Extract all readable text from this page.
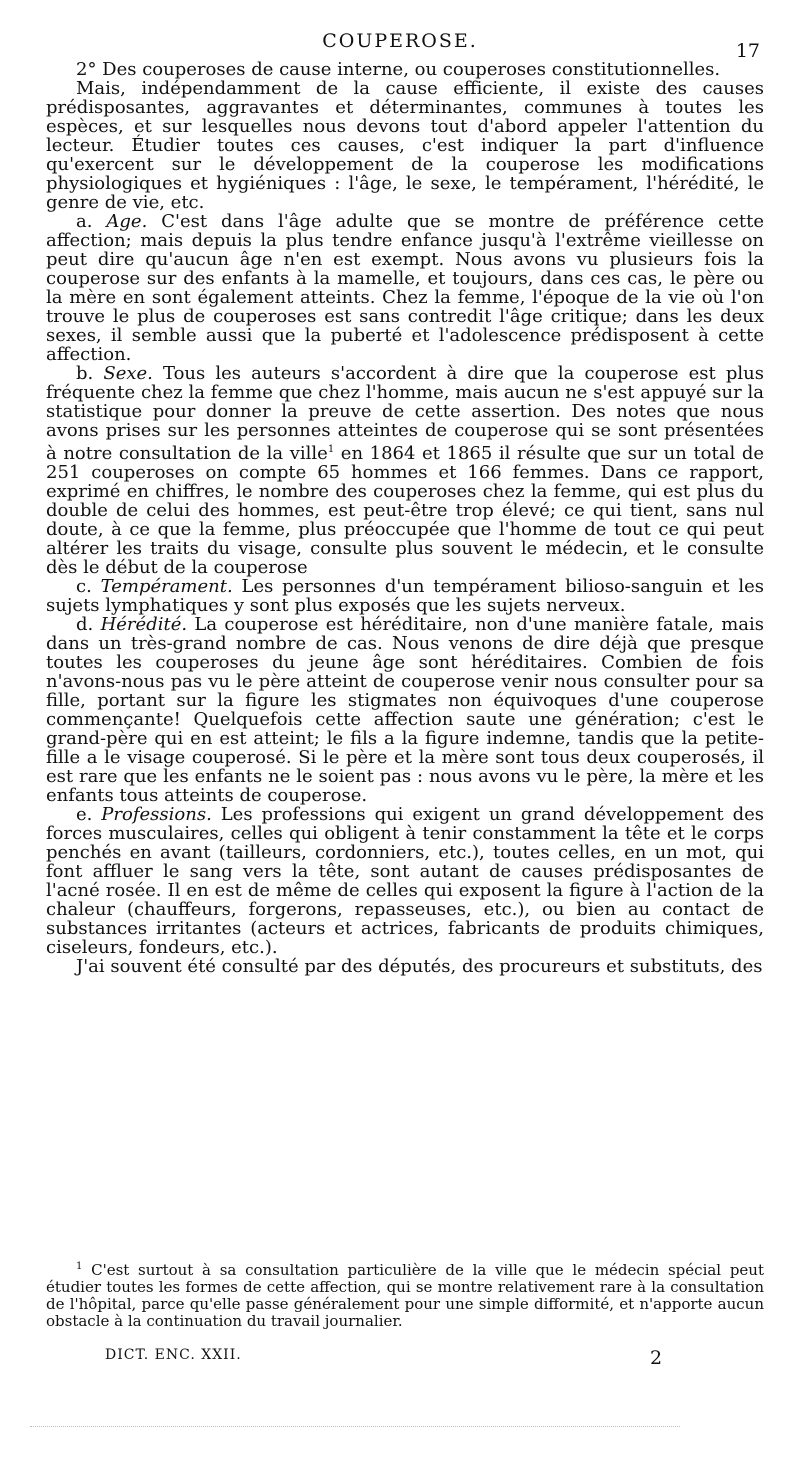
COUPEROSE.	17

2° Des couperoses de cause interne, ou couperoses constitutionnelles.

Mais, indépendamment de la cause efficiente, il existe des causes prédisposantes, aggravantes et déterminantes, communes à toutes les espèces, et sur lesquelles nous devons tout d'abord appeler l'attention du lecteur. Étudier toutes ces causes, c'est indiquer la part d'influence qu'exercent sur le développement de la couperose les modifications physiologiques et hygiéniques : l'âge, le sexe, le tempérament, l'hérédité, le genre de vie, etc.

a. Age. C'est dans l'âge adulte que se montre de préférence cette affection; mais depuis la plus tendre enfance jusqu'à l'extrême vieillesse on peut dire qu'aucun âge n'en est exempt. Nous avons vu plusieurs fois la couperose sur des enfants à la mamelle, et toujours, dans ces cas, le père ou la mère en sont également atteints. Chez la femme, l'époque de la vie où l'on trouve le plus de couperoses est sans contredit l'âge critique; dans les deux sexes, il semble aussi que la puberté et l'adolescence prédisposent à cette affection.

b. Sexe. Tous les auteurs s'accordent à dire que la couperose est plus fréquente chez la femme que chez l'homme, mais aucun ne s'est appuyé sur la statistique pour donner la preuve de cette assertion. Des notes que nous avons prises sur les personnes atteintes de couperose qui se sont présentées à notre consultation de la ville$^1$ en 1864 et 1865 il résulte que sur un total de 251 couperoses on compte 65 hommes et 166 femmes. Dans ce rapport, exprimé en chiffres, le nombre des couperoses chez la femme, qui est plus du double de celui des hommes, est peut-être trop élevé; ce qui tient, sans nul doute, à ce que la femme, plus préoccupée que l'homme de tout ce qui peut altérer les traits du visage, consulte plus souvent le médecin, et le consulte dès le début de la couperose

c. Tempérament. Les personnes d'un tempérament bilioso-sanguin et les sujets lymphatiques y sont plus exposés que les sujets nerveux.

d. Hérédité. La couperose est héréditaire, non d'une manière fatale, mais dans un très-grand nombre de cas. Nous venons de dire déjà que presque toutes les couperoses du jeune âge sont héréditaires. Combien de fois n'avons-nous pas vu le père atteint de couperose venir nous consulter pour sa fille, portant sur la figure les stigmates non équivoques d'une couperose commençante! Quelquefois cette affection saute une génération; c'est le grand-père qui en est atteint; le fils a la figure indemne, tandis que la petite-fille a le visage couperosé. Si le père et la mère sont tous deux couperosés, il est rare que les enfants ne le soient pas : nous avons vu le père, la mère et les enfants tous atteints de couperose.

e. Professions. Les professions qui exigent un grand développement des forces musculaires, celles qui obligent à tenir constamment la tête et le corps penchés en avant (tailleurs, cordonniers, etc.), toutes celles, en un mot, qui font affluer le sang vers la tête, sont autant de causes prédisposantes de l'acné rosée. Il en est de même de celles qui exposent la figure à l'action de la chaleur (chauffeurs, forgerons, repasseuses, etc.), ou bien au contact de substances irritantes (acteurs et actrices, fabricants de produits chimiques, ciseleurs, fondeurs, etc.).

J'ai souvent été consulté par des députés, des procureurs et substituts, des

$^1$ C'est surtout à sa consultation particulière de la ville que le médecin spécial peut étudier toutes les formes de cette affection, qui se montre relativement rare à la consultation de l'hôpital, parce qu'elle passe généralement pour une simple difformité, et n'apporte aucun obstacle à la continuation du travail journalier.

DICT. ENC. XXII.	2
